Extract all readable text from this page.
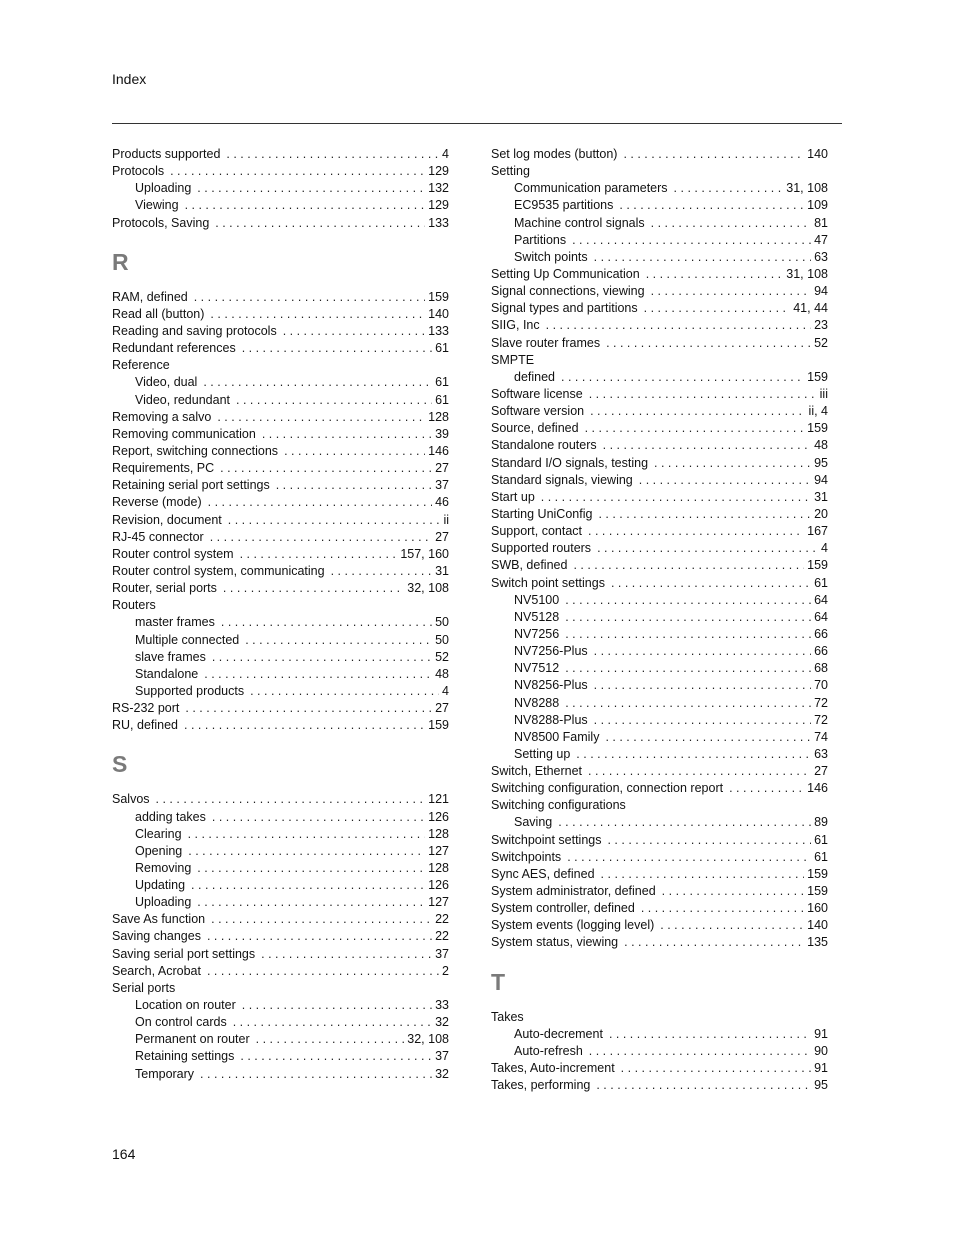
Index
Products supported . . .	4
Protocols . . .	129
Uploading . . .	132
Viewing . . .	129
Protocols, Saving . . .	133
R
RAM, defined . . .	159
Read all (button) . . .	140
Reading and saving protocols . . .	133
Redundant references . . .	61
Reference
Video, dual . . .	61
Video, redundant . . .	61
Removing a salvo . . .	128
Removing communication . . .	39
Report, switching connections . . .	146
Requirements, PC . . .	27
Retaining serial port settings . . .	37
Reverse (mode) . . .	46
Revision, document . . .	ii
RJ-45 connector . . .	27
Router control system . . .	157, 160
Router control system, communicating . . .	31
Router, serial ports . . .	32, 108
Routers
master frames . . .	50
Multiple connected . . .	50
slave frames . . .	52
Standalone . . .	48
Supported products . . .	4
RS-232 port . . .	27
RU, defined . . .	159
S
Salvos . . .	121
adding takes . . .	126
Clearing . . .	128
Opening . . .	127
Removing . . .	128
Updating . . .	126
Uploading . . .	127
Save As function . . .	22
Saving changes . . .	22
Saving serial port settings . . .	37
Search, Acrobat . . .	2
Serial ports
Location on router . . .	33
On control cards . . .	32
Permanent on router . . .	32, 108
Retaining settings . . .	37
Temporary . . .	32
Set log modes (button) . . .	140
Setting
Communication parameters . . .	31, 108
EC9535 partitions . . .	109
Machine control signals . . .	81
Partitions . . .	47
Switch points . . .	63
Setting Up Communication . . .	31, 108
Signal connections, viewing . . .	94
Signal types and partitions . . .	41, 44
SIIG, Inc . . .	23
Slave router frames . . .	52
SMPTE
defined . . .	159
Software license . . .	iii
Software version . . .	ii, 4
Source, defined . . .	159
Standalone routers . . .	48
Standard I/O signals, testing . . .	95
Standard signals, viewing . . .	94
Start up . . .	31
Starting UniConfig . . .	20
Support, contact . . .	167
Supported routers . . .	4
SWB, defined . . .	159
Switch point settings . . .	61
NV5100 . . .	64
NV5128 . . .	64
NV7256 . . .	66
NV7256-Plus . . .	66
NV7512 . . .	68
NV8256-Plus . . .	70
NV8288 . . .	72
NV8288-Plus . . .	72
NV8500 Family . . .	74
Setting up . . .	63
Switch, Ethernet . . .	27
Switching configuration, connection report . . .	146
Switching configurations
Saving . . .	89
Switchpoint settings . . .	61
Switchpoints . . .	61
Sync AES, defined . . .	159
System administrator, defined . . .	159
System controller, defined . . .	160
System events (logging level) . . .	140
System status, viewing . . .	135
T
Takes
Auto-decrement . . .	91
Auto-refresh . . .	90
Takes, Auto-increment . . .	91
Takes, performing . . .	95
164
